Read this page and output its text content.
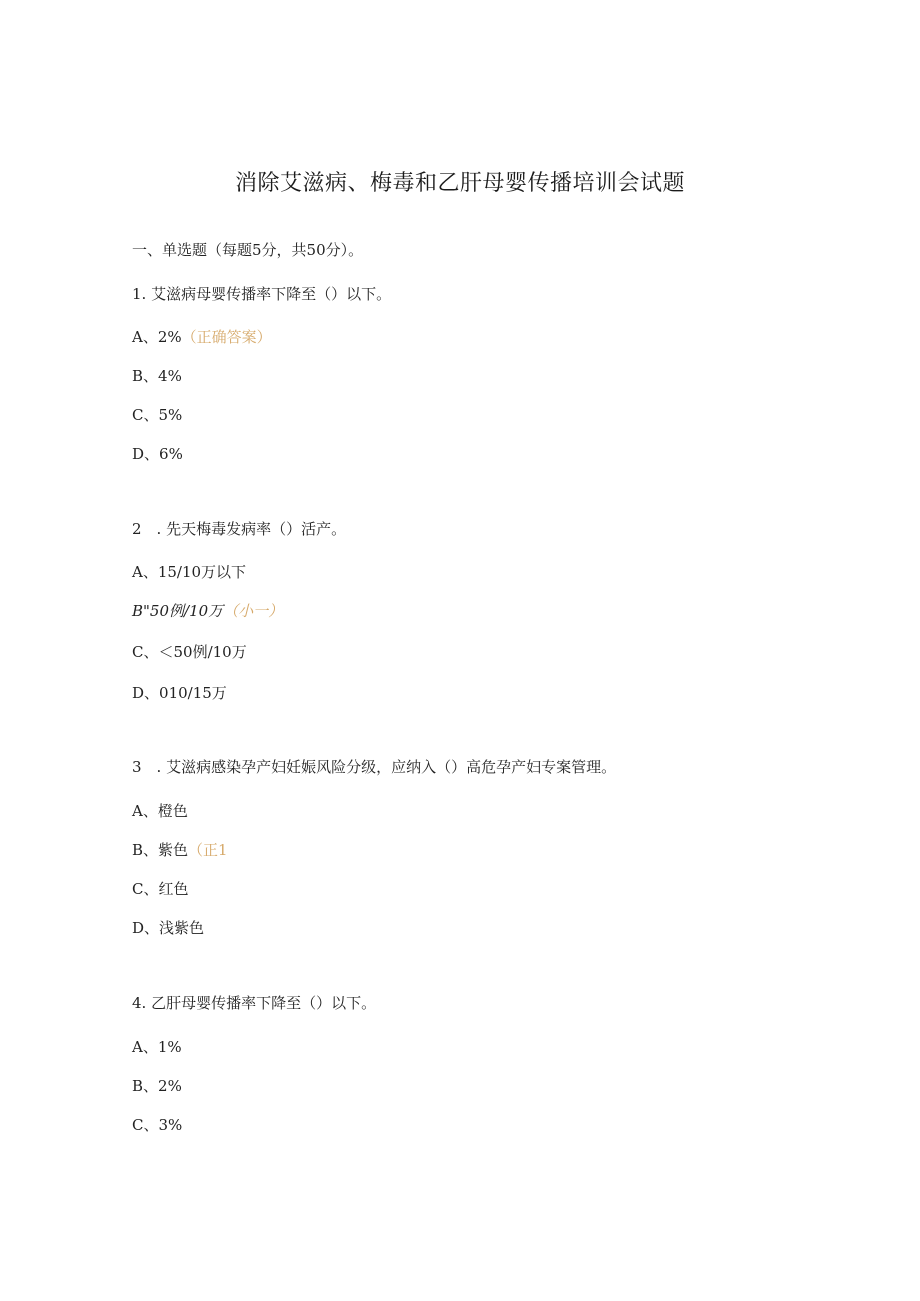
消除艾滋病、梅毒和乙肝母婴传播培训会试题
一、单选题（每题5分，共50分）。
1. 艾滋病母婴传播率下降至（）以下。
A、2%（正确答案）
B、4%
C、5%
D、6%
2　. 先天梅毒发病率（）活产。
A、15/10万以下
B"50例/10万（小一）
C、＜50例/10万
D、010/15万
3　. 艾滋病感染孕产妇妊娠风险分级，应纳入（）高危孕产妇专案管理。
A、橙色
B、紫色（正1
C、红色
D、浅紫色
4. 乙肝母婴传播率下降至（）以下。
A、1%
B、2%
C、3%
